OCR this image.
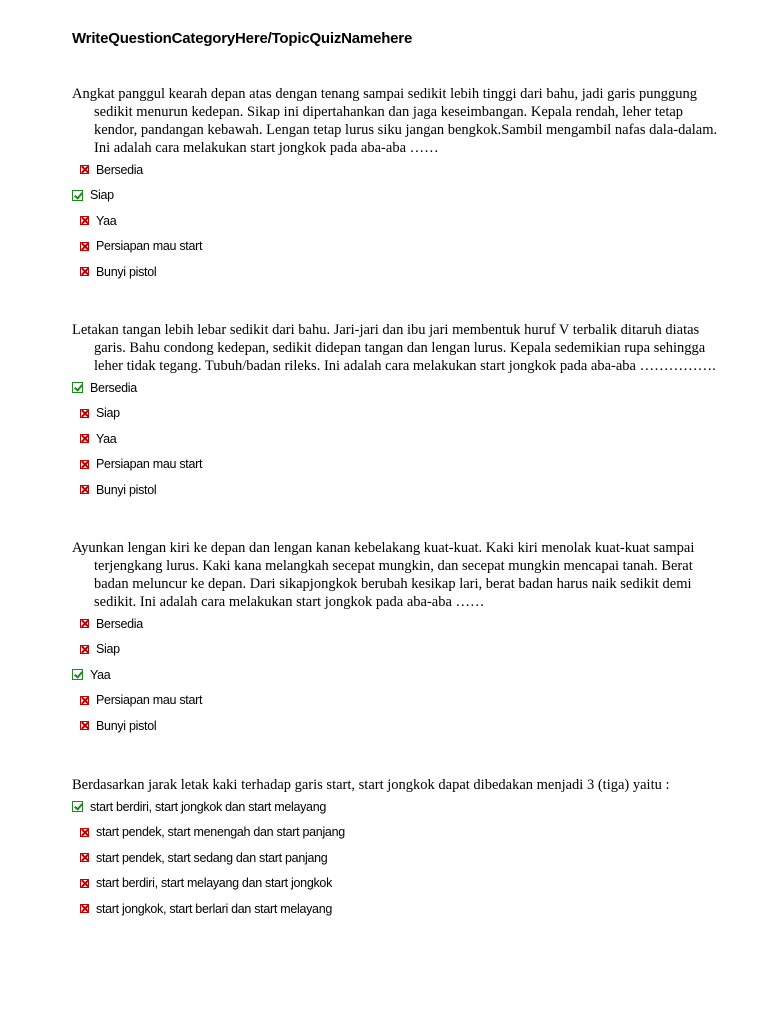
WriteQuestionCategoryHere/TopicQuizNamehere

Angkat panggul kearah depan atas dengan tenang sampai sedikit lebih tinggi dari bahu, jadi garis punggung sedikit menurun kedepan. Sikap ini dipertahankan dan jaga keseimbangan. Kepala rendah, leher tetap kendor, pandangan kebawah. Lengan tetap lurus siku jangan bengkok.Sambil mengambil nafas dala-dalam. Ini adalah cara melakukan start jongkok pada aba-aba ……

Bersedia
Siap
Yaa
Persiapan mau start
Bunyi pistol

Letakan tangan lebih lebar sedikit dari bahu. Jari-jari dan ibu jari membentuk huruf V terbalik ditaruh diatas garis. Bahu condong kedepan, sedikit didepan tangan dan lengan lurus. Kepala sedemikian rupa sehingga leher tidak tegang. Tubuh/badan rileks. Ini adalah cara melakukan start jongkok pada aba-aba …………….

Bersedia
Siap
Yaa
Persiapan mau start
Bunyi pistol

Ayunkan lengan kiri ke depan dan lengan kanan kebelakang kuat-kuat. Kaki kiri menolak kuat-kuat sampai terjengkang lurus. Kaki kana melangkah secepat mungkin, dan secepat mungkin mencapai tanah. Berat badan meluncur ke depan. Dari sikapjongkok berubah kesikap lari, berat badan harus naik sedikit demi sedikit. Ini adalah cara melakukan start jongkok pada aba-aba ……

Bersedia
Siap
Yaa
Persiapan mau start
Bunyi pistol

Berdasarkan jarak letak kaki terhadap garis start, start jongkok dapat dibedakan menjadi 3 (tiga) yaitu :

start berdiri, start jongkok dan start melayang
start pendek, start menengah dan start panjang
start pendek, start sedang dan start panjang
start berdiri, start melayang dan start jongkok
start jongkok, start berlari dan start melayang
